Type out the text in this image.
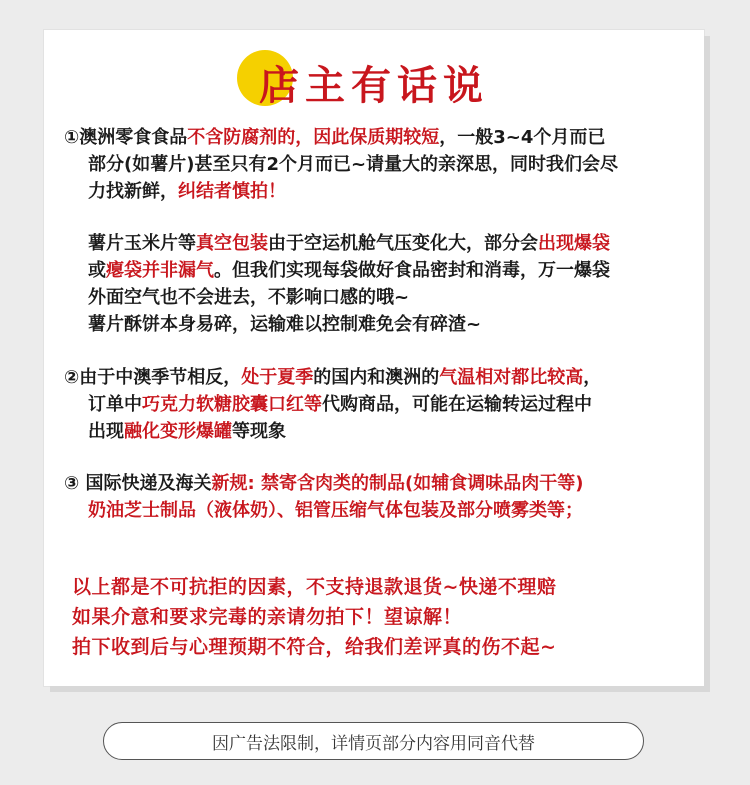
店主有话说
①澳洲零食食品不含防腐剂的，因此保质期较短，一般3~4个月而已
部分(如薯片)甚至只有2个月而已~请量大的亲深思，同时我们会尽
力找新鲜，纠结者慎拍！
薯片玉米片等真空包装由于空运机舱气压变化大，部分会出现爆袋
或瘪袋并非漏气。但我们实现每袋做好食品密封和消毒，万一爆袋
外面空气也不会进去，不影响口感的哦~
薯片酥饼本身易碎，运输难以控制难免会有碎渣~
②由于中澳季节相反，处于夏季的国内和澳洲的气温相对都比较高，
订单中巧克力软糖胶囊口红等代购商品，可能在运输转运过程中
出现融化变形爆罐等现象
③ 国际快递及海关新规: 禁寄含肉类的制品(如辅食调味品肉干等)
奶油芝士制品（液体奶）、铝管压缩气体包装及部分喷雾类等；
以上都是不可抗拒的因素，不支持退款退货~快递不理赔
如果介意和要求完毒的亲请勿拍下！望谅解！
拍下收到后与心理预期不符合，给我们差评真的伤不起~
因广告法限制，详情页部分内容用同音代替
